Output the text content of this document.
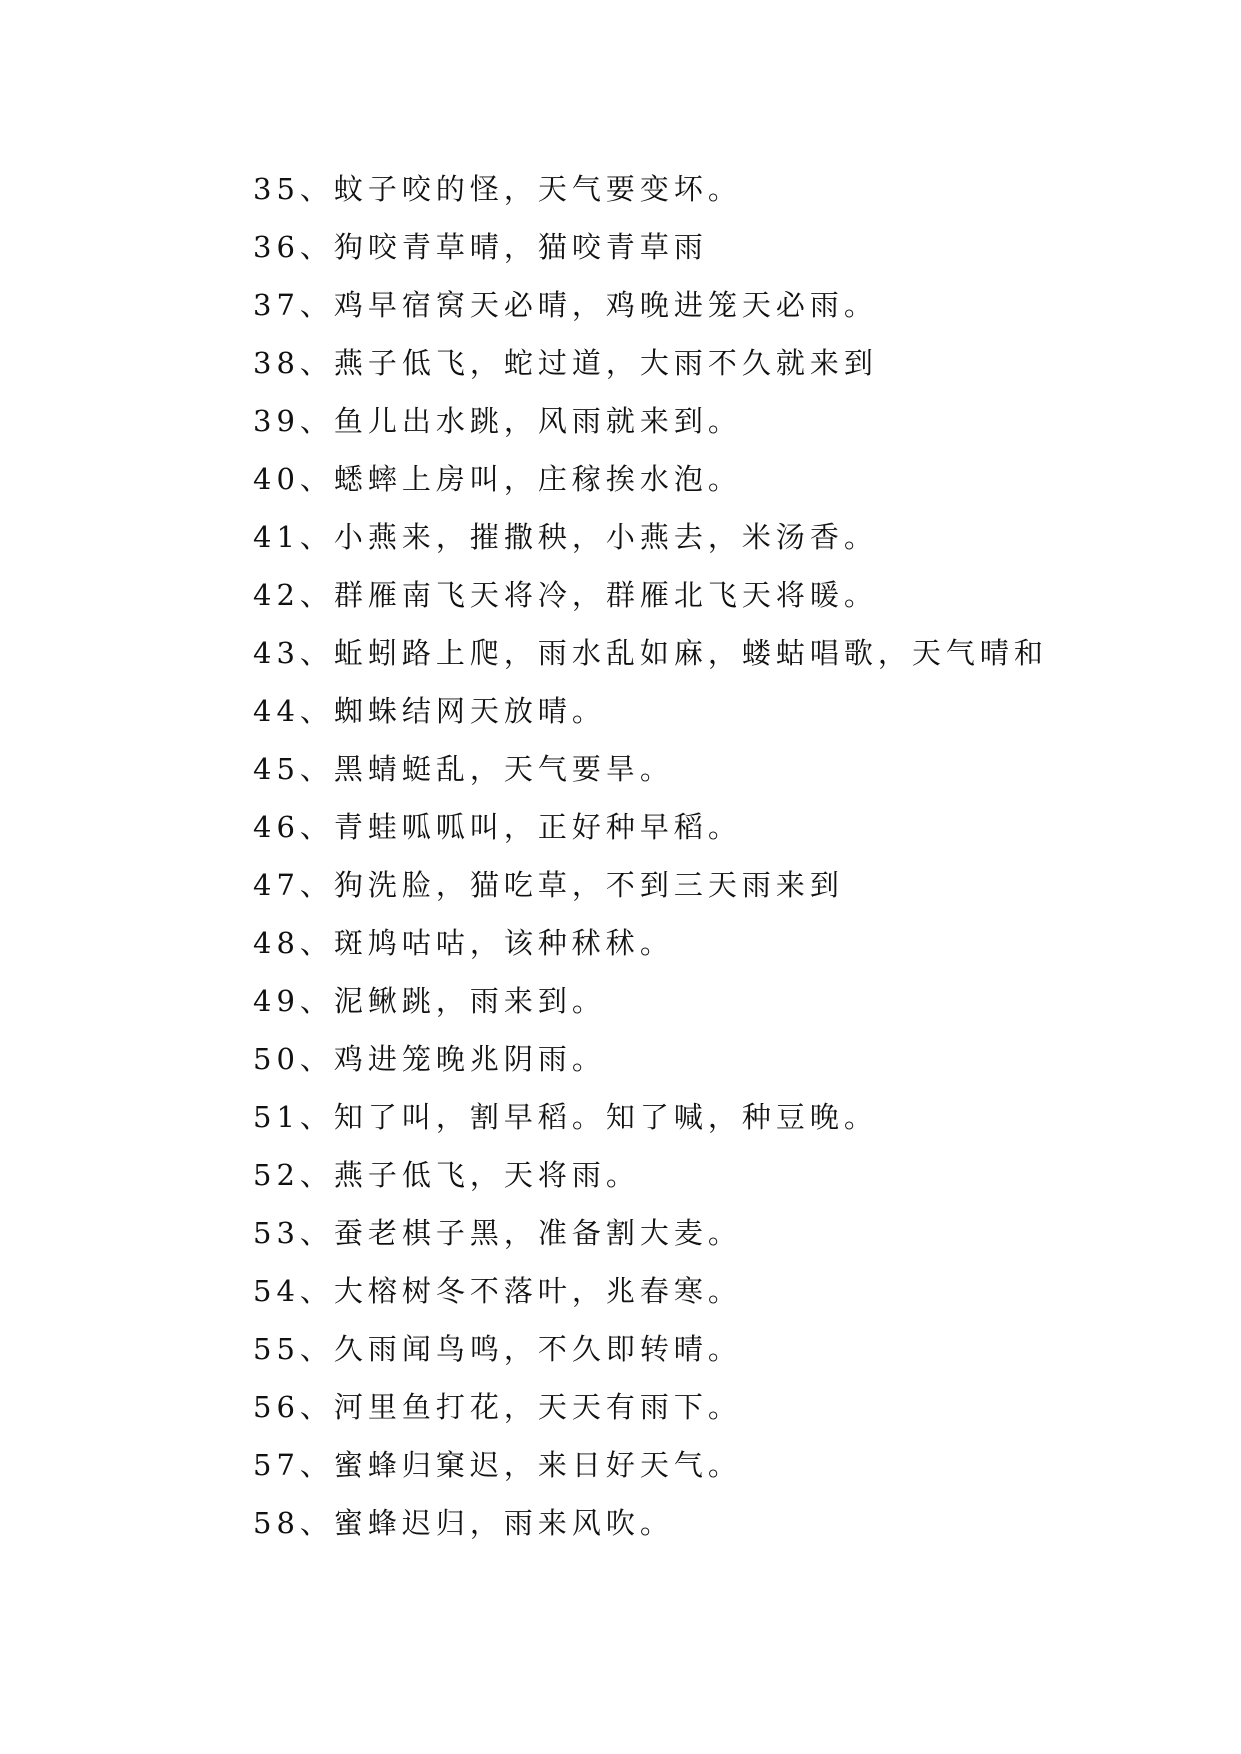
35、蚊子咬的怪，天气要变坏。
36、狗咬青草晴，猫咬青草雨
37、鸡早宿窝天必晴，鸡晚进笼天必雨。
38、燕子低飞，蛇过道，大雨不久就来到
39、鱼儿出水跳，风雨就来到。
40、蟋蟀上房叫，庄稼挨水泡。
41、小燕来，摧撒秧，小燕去，米汤香。
42、群雁南飞天将冷，群雁北飞天将暖。
43、蚯蚓路上爬，雨水乱如麻，蝼蛄唱歌，天气晴和
44、蜘蛛结网天放晴。
45、黑蜻蜓乱，天气要旱。
46、青蛙呱呱叫，正好种早稻。
47、狗洗脸，猫吃草，不到三天雨来到
48、斑鸠咕咕，该种秫秫。
49、泥鳅跳，雨来到。
50、鸡进笼晚兆阴雨。
51、知了叫，割早稻。知了喊，种豆晚。
52、燕子低飞，天将雨。
53、蚕老棋子黑，准备割大麦。
54、大榕树冬不落叶，兆春寒。
55、久雨闻鸟鸣，不久即转晴。
56、河里鱼打花，天天有雨下。
57、蜜蜂归窠迟，来日好天气。
58、蜜蜂迟归，雨来风吹。
